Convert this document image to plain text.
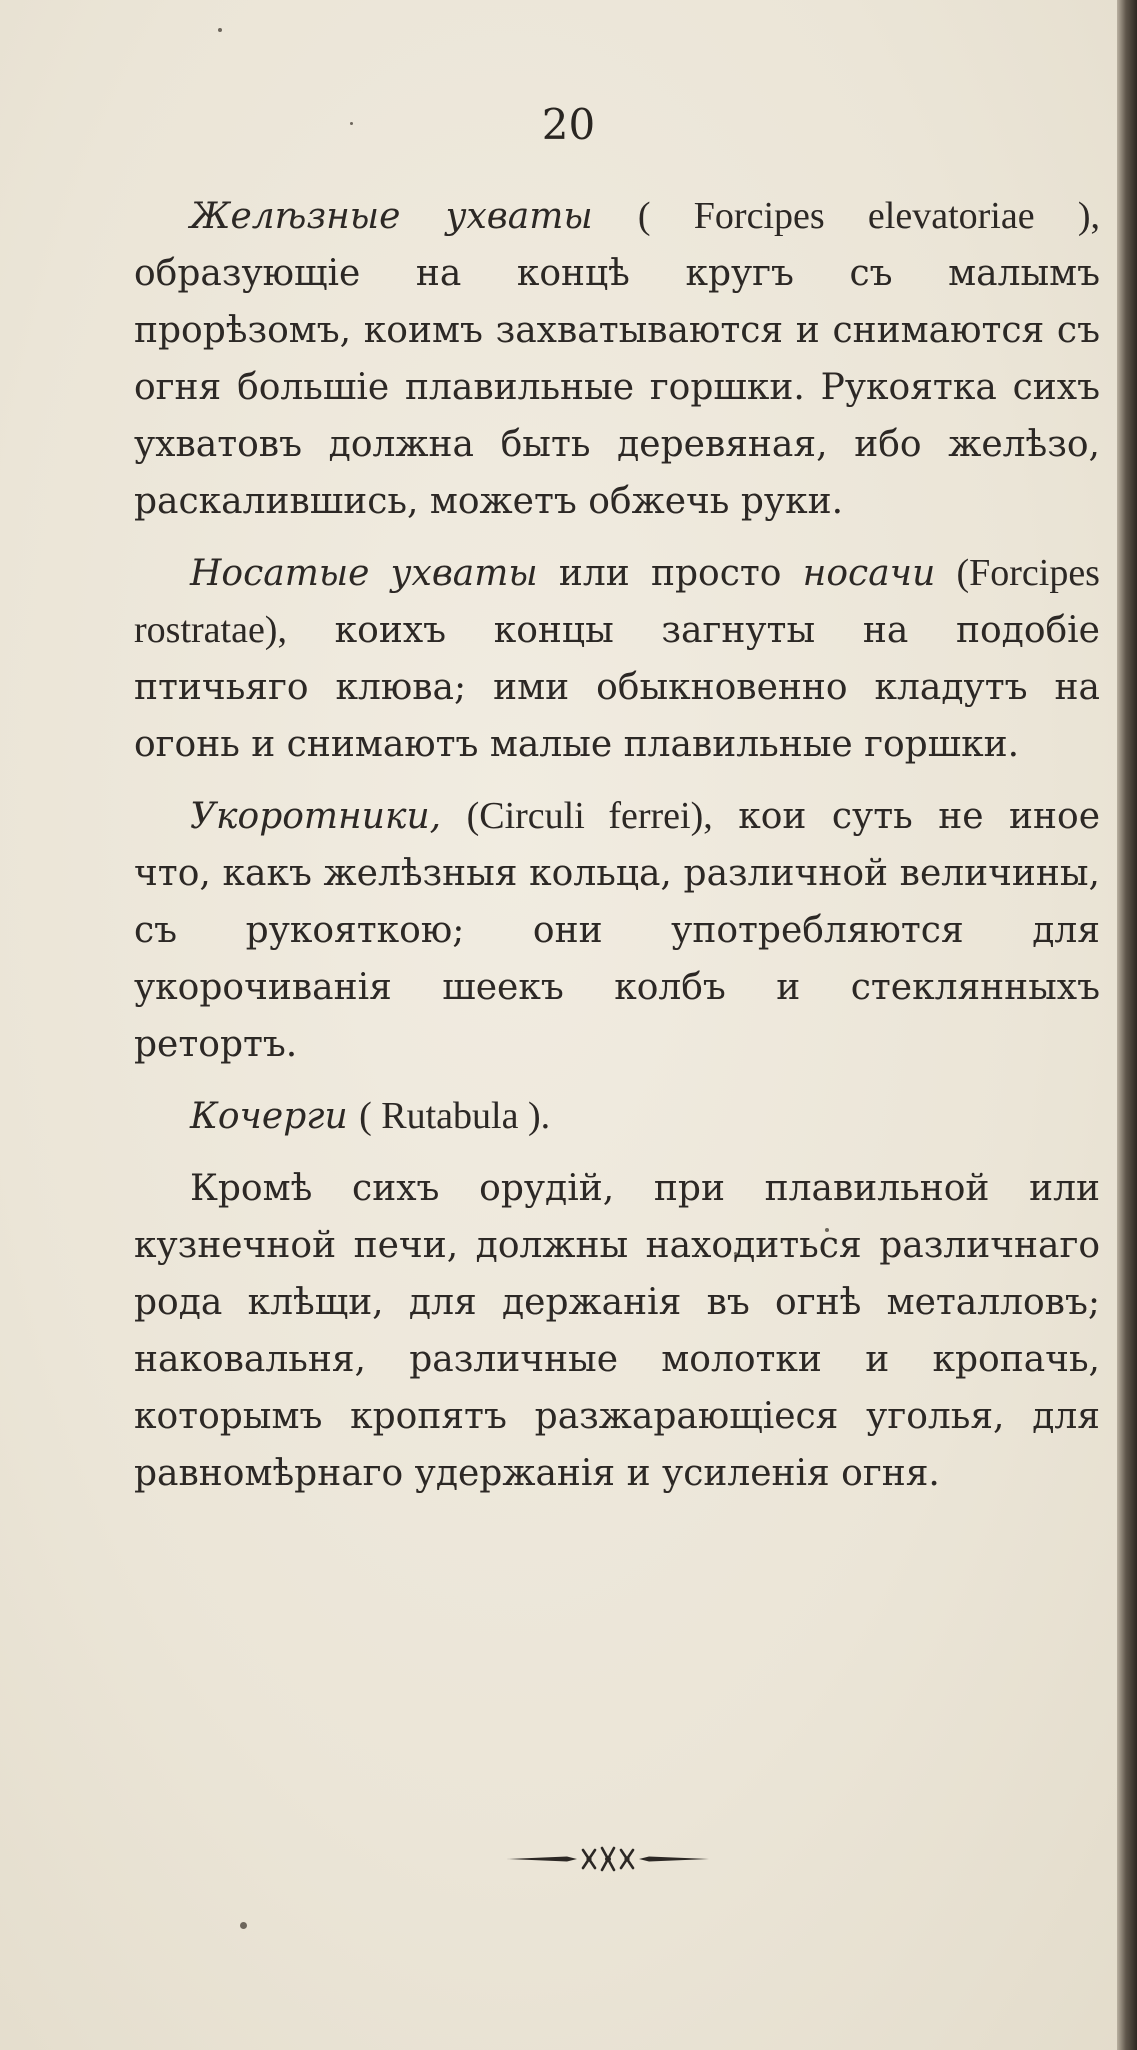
20

Желѣзные ухваты ( Forcipes elevatoriae ), образующіе на концѣ кругъ съ малымъ прорѣзомъ, коимъ захватываются и снимаются съ огня большіе плавильные горшки. Рукоятка сихъ ухватовъ должна быть деревяная, ибо желѣзо, раскалившись, можетъ обжечь руки.

Носатые ухваты или просто носачи (Forcipes rostratae), коихъ концы загнуты на подобіе птичьяго клюва; ими обыкновенно кладутъ на огонь и снимаютъ малые плавильные горшки.

Укоротники, (Circuli ferrei), кои суть не иное что, какъ желѣзныя кольца, различной величины, съ рукояткою; они употребляются для укорочиванія шеекъ колбъ и стеклянныхъ ретортъ.

Кочерги ( Rutabula ).

Кромѣ сихъ орудій, при плавильной или кузнечной печи, должны находиться различнаго рода клѣщи, для держанія въ огнѣ металловъ; наковальня, различные молотки и кропачь, которымъ кропятъ разжарающіеся уголья, для равномѣрнаго удержанія и усиленія огня.
